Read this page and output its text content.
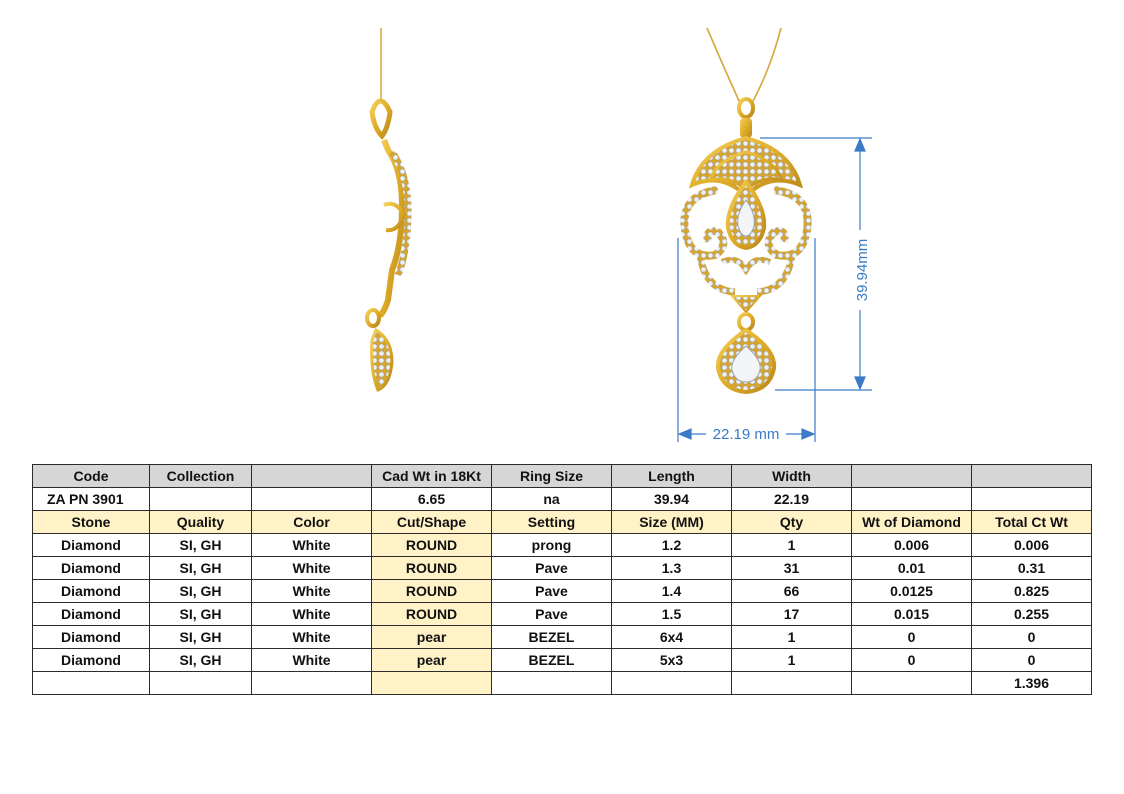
39.94mm
22.19 mm
Code	Collection		Cad Wt in 18Kt	Ring Size	Length	Width		
ZA PN 3901			6.65	na	39.94	22.19		
Stone	Quality	Color	Cut/Shape	Setting	Size (MM)	Qty	Wt of Diamond	Total Ct Wt
Diamond	SI, GH	White	ROUND	prong	1.2	1	0.006	0.006
Diamond	SI, GH	White	ROUND	Pave	1.3	31	0.01	0.31
Diamond	SI, GH	White	ROUND	Pave	1.4	66	0.0125	0.825
Diamond	SI, GH	White	ROUND	Pave	1.5	17	0.015	0.255
Diamond	SI, GH	White	pear	BEZEL	6x4	1	0	0
Diamond	SI, GH	White	pear	BEZEL	5x3	1	0	0
								1.396
